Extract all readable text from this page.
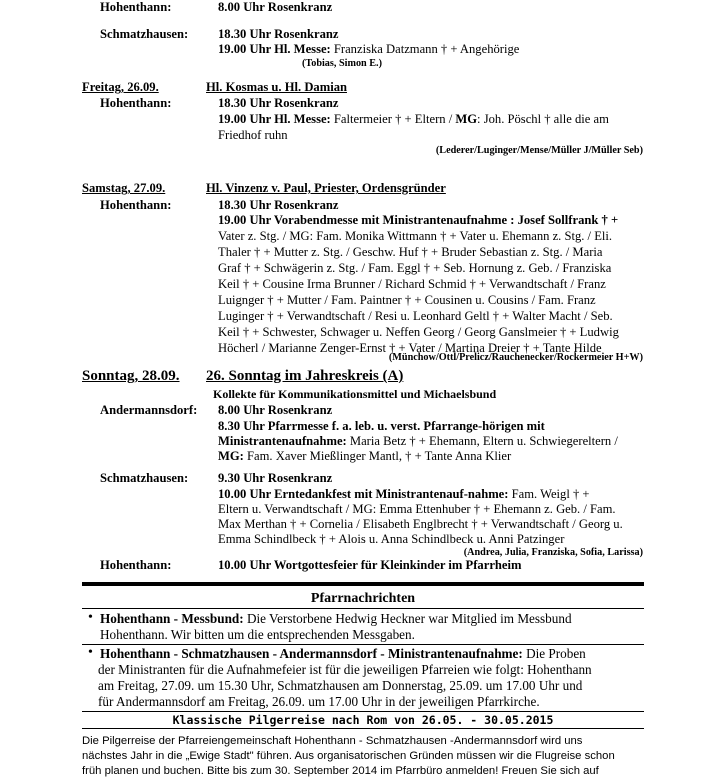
Hohenthann:	8.00 Uhr Rosenkranz
Schmatzhausen: 18.30 Uhr Rosenkranz
19.00 Uhr Hl. Messe: Franziska Datzmann † + Angehörige
(Tobias, Simon E.)
Freitag, 26.09.	Hl. Kosmas u. Hl. Damian
Hohenthann:	18.30 Uhr Rosenkranz
19.00 Uhr Hl. Messe: Faltermeier † + Eltern / MG: Joh. Pöschl † alle die am
Friedhof ruhn
(Lederer/Luginger/Mense/Müller J/Müller Seb)
Samstag, 27.09.	Hl. Vinzenz v. Paul, Priester, Ordensgründer
Hohenthann:	18.30 Uhr Rosenkranz
19.00 Uhr Vorabendmesse mit Ministrantenaufnahme : Josef Sollfrank † +
Vater z. Stg. / MG: Fam. Monika Wittmann † + Vater u. Ehemann z. Stg. / Eli.
Thaler † + Mutter z. Stg. / Geschw. Huf † + Bruder Sebastian z. Stg. / Maria
Graf † + Schwägerin z. Stg. / Fam. Eggl † + Seb. Hornung z. Geb. / Franziska
Keil † + Cousine Irma Brunner / Richard Schmid † + Verwandtschaft / Franz
Luignger † + Mutter / Fam. Paintner † + Cousinen u. Cousins / Fam. Franz
Luginger † + Verwandtschaft / Resi u. Leonhard Geltl † + Walter Macht / Seb.
Keil † + Schwester, Schwager u. Neffen Georg / Georg Ganslmeier † + Ludwig
Höcherl / Marianne Zenger-Ernst † + Vater / Martina Dreier † + Tante Hilde
(Münchow/Ottl/Prelicz/Rauchenecker/Rockermeier H+W)
Sonntag, 28.09. 26. Sonntag im Jahreskreis (A)
Kollekte für Kommunikationsmittel und Michaelsbund
Andermannsdorf: 8.00 Uhr Rosenkranz
8.30 Uhr Pfarrmesse f. a. leb. u. verst. Pfarrange-hörigen mit
Ministrantenaufnahme: Maria Betz † + Ehemann, Eltern u. Schwiegereltern /
MG: Fam. Xaver Mießlinger Mantl, † + Tante Anna Klier
Schmatzhausen: 9.30 Uhr Rosenkranz
10.00 Uhr Erntedankfest mit Ministrantenauf-nahme: Fam. Weigl † +
Eltern u. Verwandtschaft / MG: Emma Ettenhuber † + Ehemann z. Geb. / Fam.
Max Merthan † + Cornelia / Elisabeth Englbrecht † + Verwandtschaft / Georg u.
Emma Schindlbeck † + Alois u. Anna Schindlbeck u. Anni Patzinger
(Andrea, Julia, Franziska, Sofia, Larissa)
Hohenthann:	10.00 Uhr Wortgottesfeier für Kleinkinder im Pfarrheim
Pfarrnachrichten
• Hohenthann - Messbund: Die Verstorbene Hedwig Heckner war Mitglied im Messbund
Hohenthann. Wir bitten um die entsprechenden Messgaben.
• Hohenthann - Schmatzhausen - Andermannsdorf - Ministrantenaufnahme: Die Proben
der Ministranten für die Aufnahmefeier ist für die jeweiligen Pfarreien wie folgt: Hohenthann
am Freitag, 27.09. um 15.30 Uhr, Schmatzhausen am Donnerstag, 25.09. um 17.00 Uhr und
für Andermannsdorf am Freitag, 26.09. um 17.00 Uhr in der jeweiligen Pfarrkirche.
Klassische Pilgerreise nach Rom von 26.05. - 30.05.2015
Die Pilgerreise der Pfarreiengemeinschaft Hohenthann - Schmatzhausen -Andermannsdorf wird uns
nächstes Jahr in die „Ewige Stadt" führen. Aus organisatorischen Gründen müssen wir die Flugreise schon
früh planen und buchen. Bitte bis zum 30. September 2014 im Pfarrbüro anmelden! Freuen Sie sich auf
